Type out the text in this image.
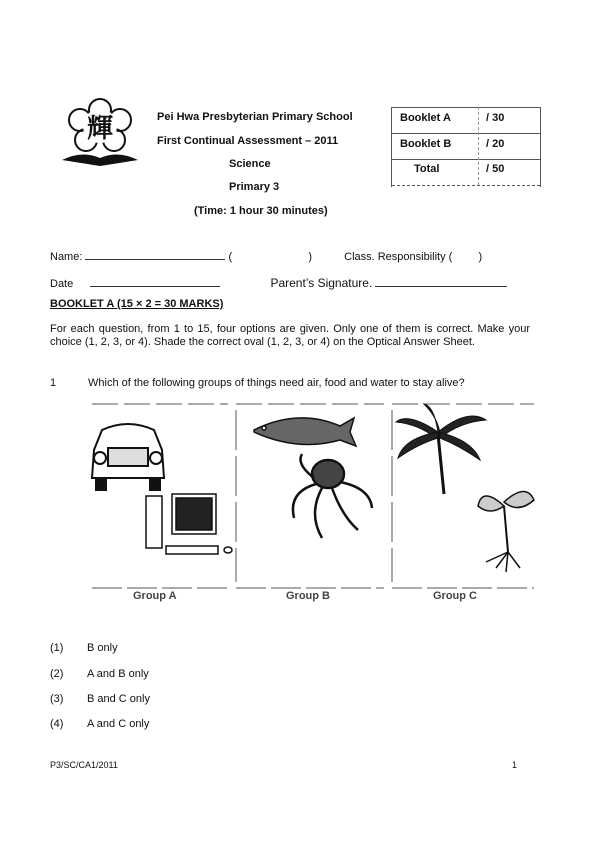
輝	Pei Hwa Presbyterian Primary School
First Continual Assessment – 2011
Science
Primary 3
(Time: 1 hour 30 minutes)
Booklet A	/ 30
Booklet B	/ 20
Total	/ 50
Name:	(	)	Class. Responsibility ( )
Date	Parent’s Signature.
BOOKLET A (15 × 2 = 30 MARKS)
For each question, from 1 to 15, four options are given. Only one of them is correct. Make your choice (1, 2, 3, or 4). Shade the correct oval (1, 2, 3, or 4) on the Optical Answer Sheet.
1	Which of the following groups of things need air, food and water to stay alive?
Group A	Group B	Group C
(1) B only
(2) A and B only
(3) B and C only
(4) A and C only
P3/SC/CA1/2011	1
